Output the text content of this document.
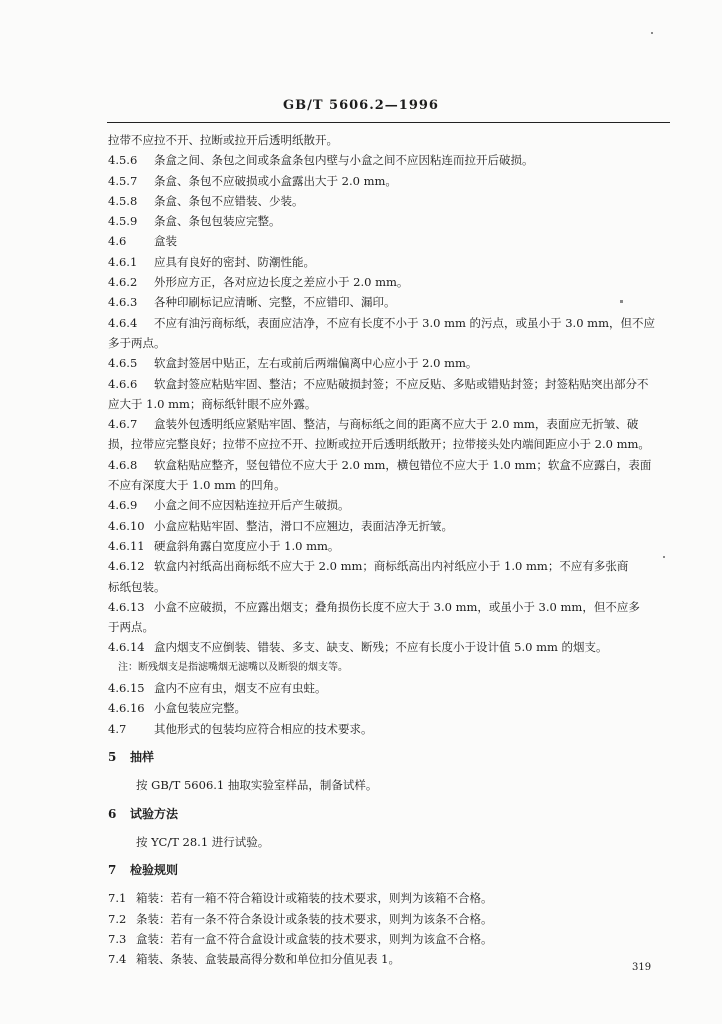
GB/T 5606.2—1996
拉带不应拉不开、拉断或拉开后透明纸散开。
4.5.6 条盒之间、条包之间或条盒条包内壁与小盒之间不应因粘连而拉开后破损。
4.5.7 条盒、条包不应破损或小盒露出大于 2.0 mm。
4.5.8 条盒、条包不应错装、少装。
4.5.9 条盒、条包包装应完整。
4.6 盒装
4.6.1 应具有良好的密封、防潮性能。
4.6.2 外形应方正，各对应边长度之差应小于 2.0 mm。
4.6.3 各种印刷标记应清晰、完整，不应错印、漏印。
4.6.4 不应有油污商标纸，表面应洁净，不应有长度不小于 3.0 mm 的污点，或虽小于 3.0 mm，但不应
多于两点。
4.6.5 软盒封签居中贴正，左右或前后两端偏离中心应小于 2.0 mm。
4.6.6 软盒封签应粘贴牢固、整洁；不应贴破损封签；不应反贴、多贴或错贴封签；封签粘贴突出部分不
应大于 1.0 mm；商标纸针眼不应外露。
4.6.7 盒装外包透明纸应紧贴牢固、整洁，与商标纸之间的距离不应大于 2.0 mm，表面应无折皱、破
损，拉带应完整良好；拉带不应拉不开、拉断或拉开后透明纸散开；拉带接头处内端间距应小于 2.0 mm。
4.6.8 软盒粘贴应整齐，竖包错位不应大于 2.0 mm，横包错位不应大于 1.0 mm；软盒不应露白，表面
不应有深度大于 1.0 mm 的凹角。
4.6.9 小盒之间不应因粘连拉开后产生破损。
4.6.10 小盒应粘贴牢固、整洁，滑口不应翘边，表面洁净无折皱。
4.6.11 硬盒斜角露白宽度应小于 1.0 mm。
4.6.12 软盒内衬纸高出商标纸不应大于 2.0 mm；商标纸高出内衬纸应小于 1.0 mm；不应有多张商
标纸包装。
4.6.13 小盒不应破损，不应露出烟支；叠角损伤长度不应大于 3.0 mm，或虽小于 3.0 mm，但不应多
于两点。
4.6.14 盒内烟支不应倒装、错装、多支、缺支、断残；不应有长度小于设计值 5.0 mm 的烟支。
注：断残烟支是指滤嘴烟无滤嘴以及断裂的烟支等。
4.6.15 盒内不应有虫，烟支不应有虫蛀。
4.6.16 小盒包装应完整。
4.7 其他形式的包装均应符合相应的技术要求。
5 抽样
按 GB/T 5606.1 抽取实验室样品，制备试样。
6 试验方法
按 YC/T 28.1 进行试验。
7 检验规则
7.1 箱装：若有一箱不符合箱设计或箱装的技术要求，则判为该箱不合格。
7.2 条装：若有一条不符合条设计或条装的技术要求，则判为该条不合格。
7.3 盒装：若有一盒不符合盒设计或盒装的技术要求，则判为该盒不合格。
7.4 箱装、条装、盒装最高得分数和单位扣分值见表 1。
319
